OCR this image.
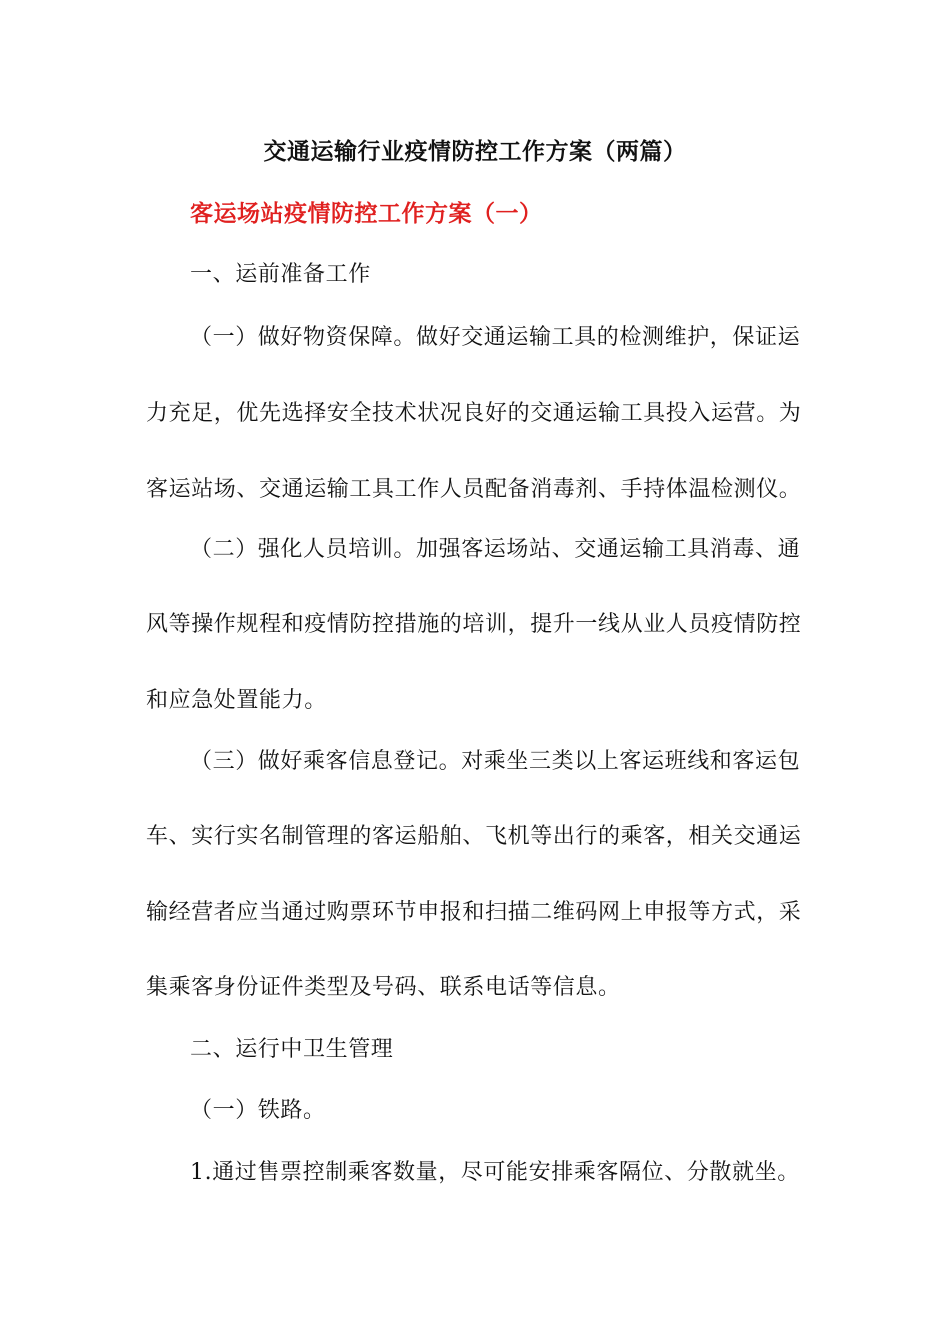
交通运输行业疫情防控工作方案（两篇）
客运场站疫情防控工作方案（一）
一、运前准备工作
（一）做好物资保障。做好交通运输工具的检测维护，保证运
力充足，优先选择安全技术状况良好的交通运输工具投入运营。为
客运站场、交通运输工具工作人员配备消毒剂、手持体温检测仪。
（二）强化人员培训。加强客运场站、交通运输工具消毒、通
风等操作规程和疫情防控措施的培训，提升一线从业人员疫情防控
和应急处置能力。
（三）做好乘客信息登记。对乘坐三类以上客运班线和客运包
车、实行实名制管理的客运船舶、飞机等出行的乘客，相关交通运
输经营者应当通过购票环节申报和扫描二维码网上申报等方式，采
集乘客身份证件类型及号码、联系电话等信息。
二、运行中卫生管理
（一）铁路。
1.通过售票控制乘客数量，尽可能安排乘客隔位、分散就坐。
